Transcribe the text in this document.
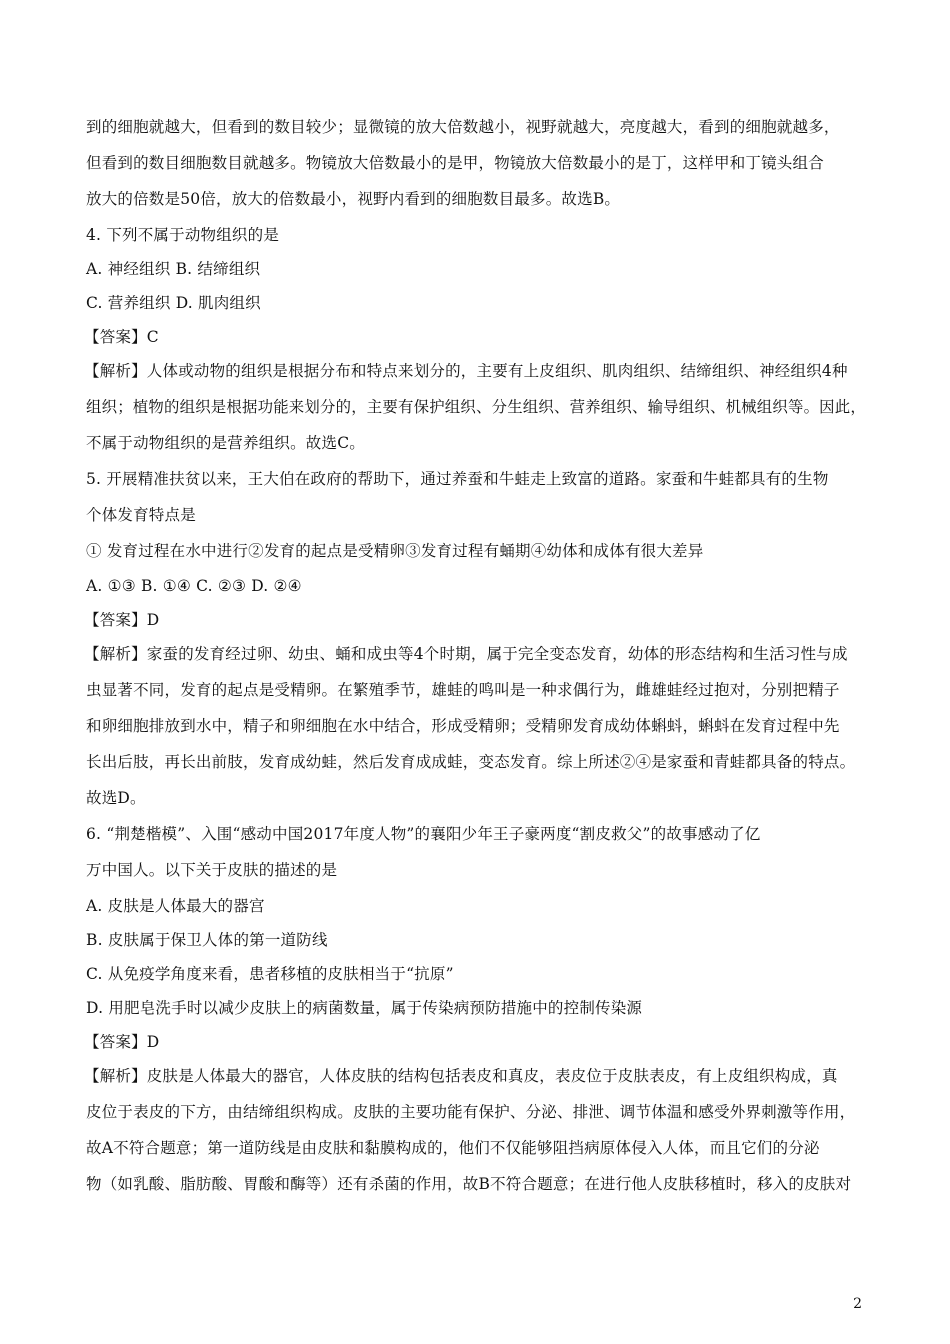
到的细胞就越大，但看到的数目较少；显微镜的放大倍数越小，视野就越大，亮度越大，看到的细胞就越多，
但看到的数目细胞数目就越多。物镜放大倍数最小的是甲，物镜放大倍数最小的是丁，这样甲和丁镜头组合
放大的倍数是50倍，放大的倍数最小，视野内看到的细胞数目最多。故选B。
4. 下列不属于动物组织的是
A. 神经组织 B. 结缔组织
C. 营养组织 D. 肌肉组织
【答案】C
【解析】人体或动物的组织是根据分布和特点来划分的，主要有上皮组织、肌肉组织、结缔组织、神经组织4种
组织；植物的组织是根据功能来划分的，主要有保护组织、分生组织、营养组织、输导组织、机械组织等。因此，
不属于动物组织的是营养组织。故选C。
5. 开展精准扶贫以来，王大伯在政府的帮助下，通过养蚕和牛蛙走上致富的道路。家蚕和牛蛙都具有的生物
个体发育特点是
① 发育过程在水中进行②发育的起点是受精卵③发育过程有蛹期④幼体和成体有很大差异
A. ①③ B. ①④ C. ②③ D. ②④
【答案】D
【解析】家蚕的发育经过卵、幼虫、蛹和成虫等4个时期，属于完全变态发育，幼体的形态结构和生活习性与成
虫显著不同，发育的起点是受精卵。在繁殖季节，雄蛙的鸣叫是一种求偶行为，雌雄蛙经过抱对，分别把精子
和卵细胞排放到水中，精子和卵细胞在水中结合，形成受精卵；受精卵发育成幼体蝌蚪，蝌蚪在发育过程中先
长出后肢，再长出前肢，发育成幼蛙，然后发育成成蛙，变态发育。综上所述②④是家蚕和青蛙都具备的特点。
故选D。
6. “荆楚楷模”、入围“感动中国2017年度人物”的襄阳少年王子豪两度“割皮救父”的故事感动了亿
万中国人。以下关于皮肤的描述的是
A. 皮肤是人体最大的器宫
B. 皮肤属于保卫人体的第一道防线
C. 从免疫学角度来看，患者移植的皮肤相当于“抗原”
D. 用肥皂洗手时以减少皮肤上的病菌数量，属于传染病预防措施中的控制传染源
【答案】D
【解析】皮肤是人体最大的器官，人体皮肤的结构包括表皮和真皮，表皮位于皮肤表皮，有上皮组织构成，真
皮位于表皮的下方，由结缔组织构成。皮肤的主要功能有保护、分泌、排泄、调节体温和感受外界刺激等作用，
故A不符合题意；第一道防线是由皮肤和黏膜构成的，他们不仅能够阻挡病原体侵入人体，而且它们的分泌
物（如乳酸、脂肪酸、胃酸和酶等）还有杀菌的作用，故B不符合题意；在进行他人皮肤移植时，移入的皮肤对
2
